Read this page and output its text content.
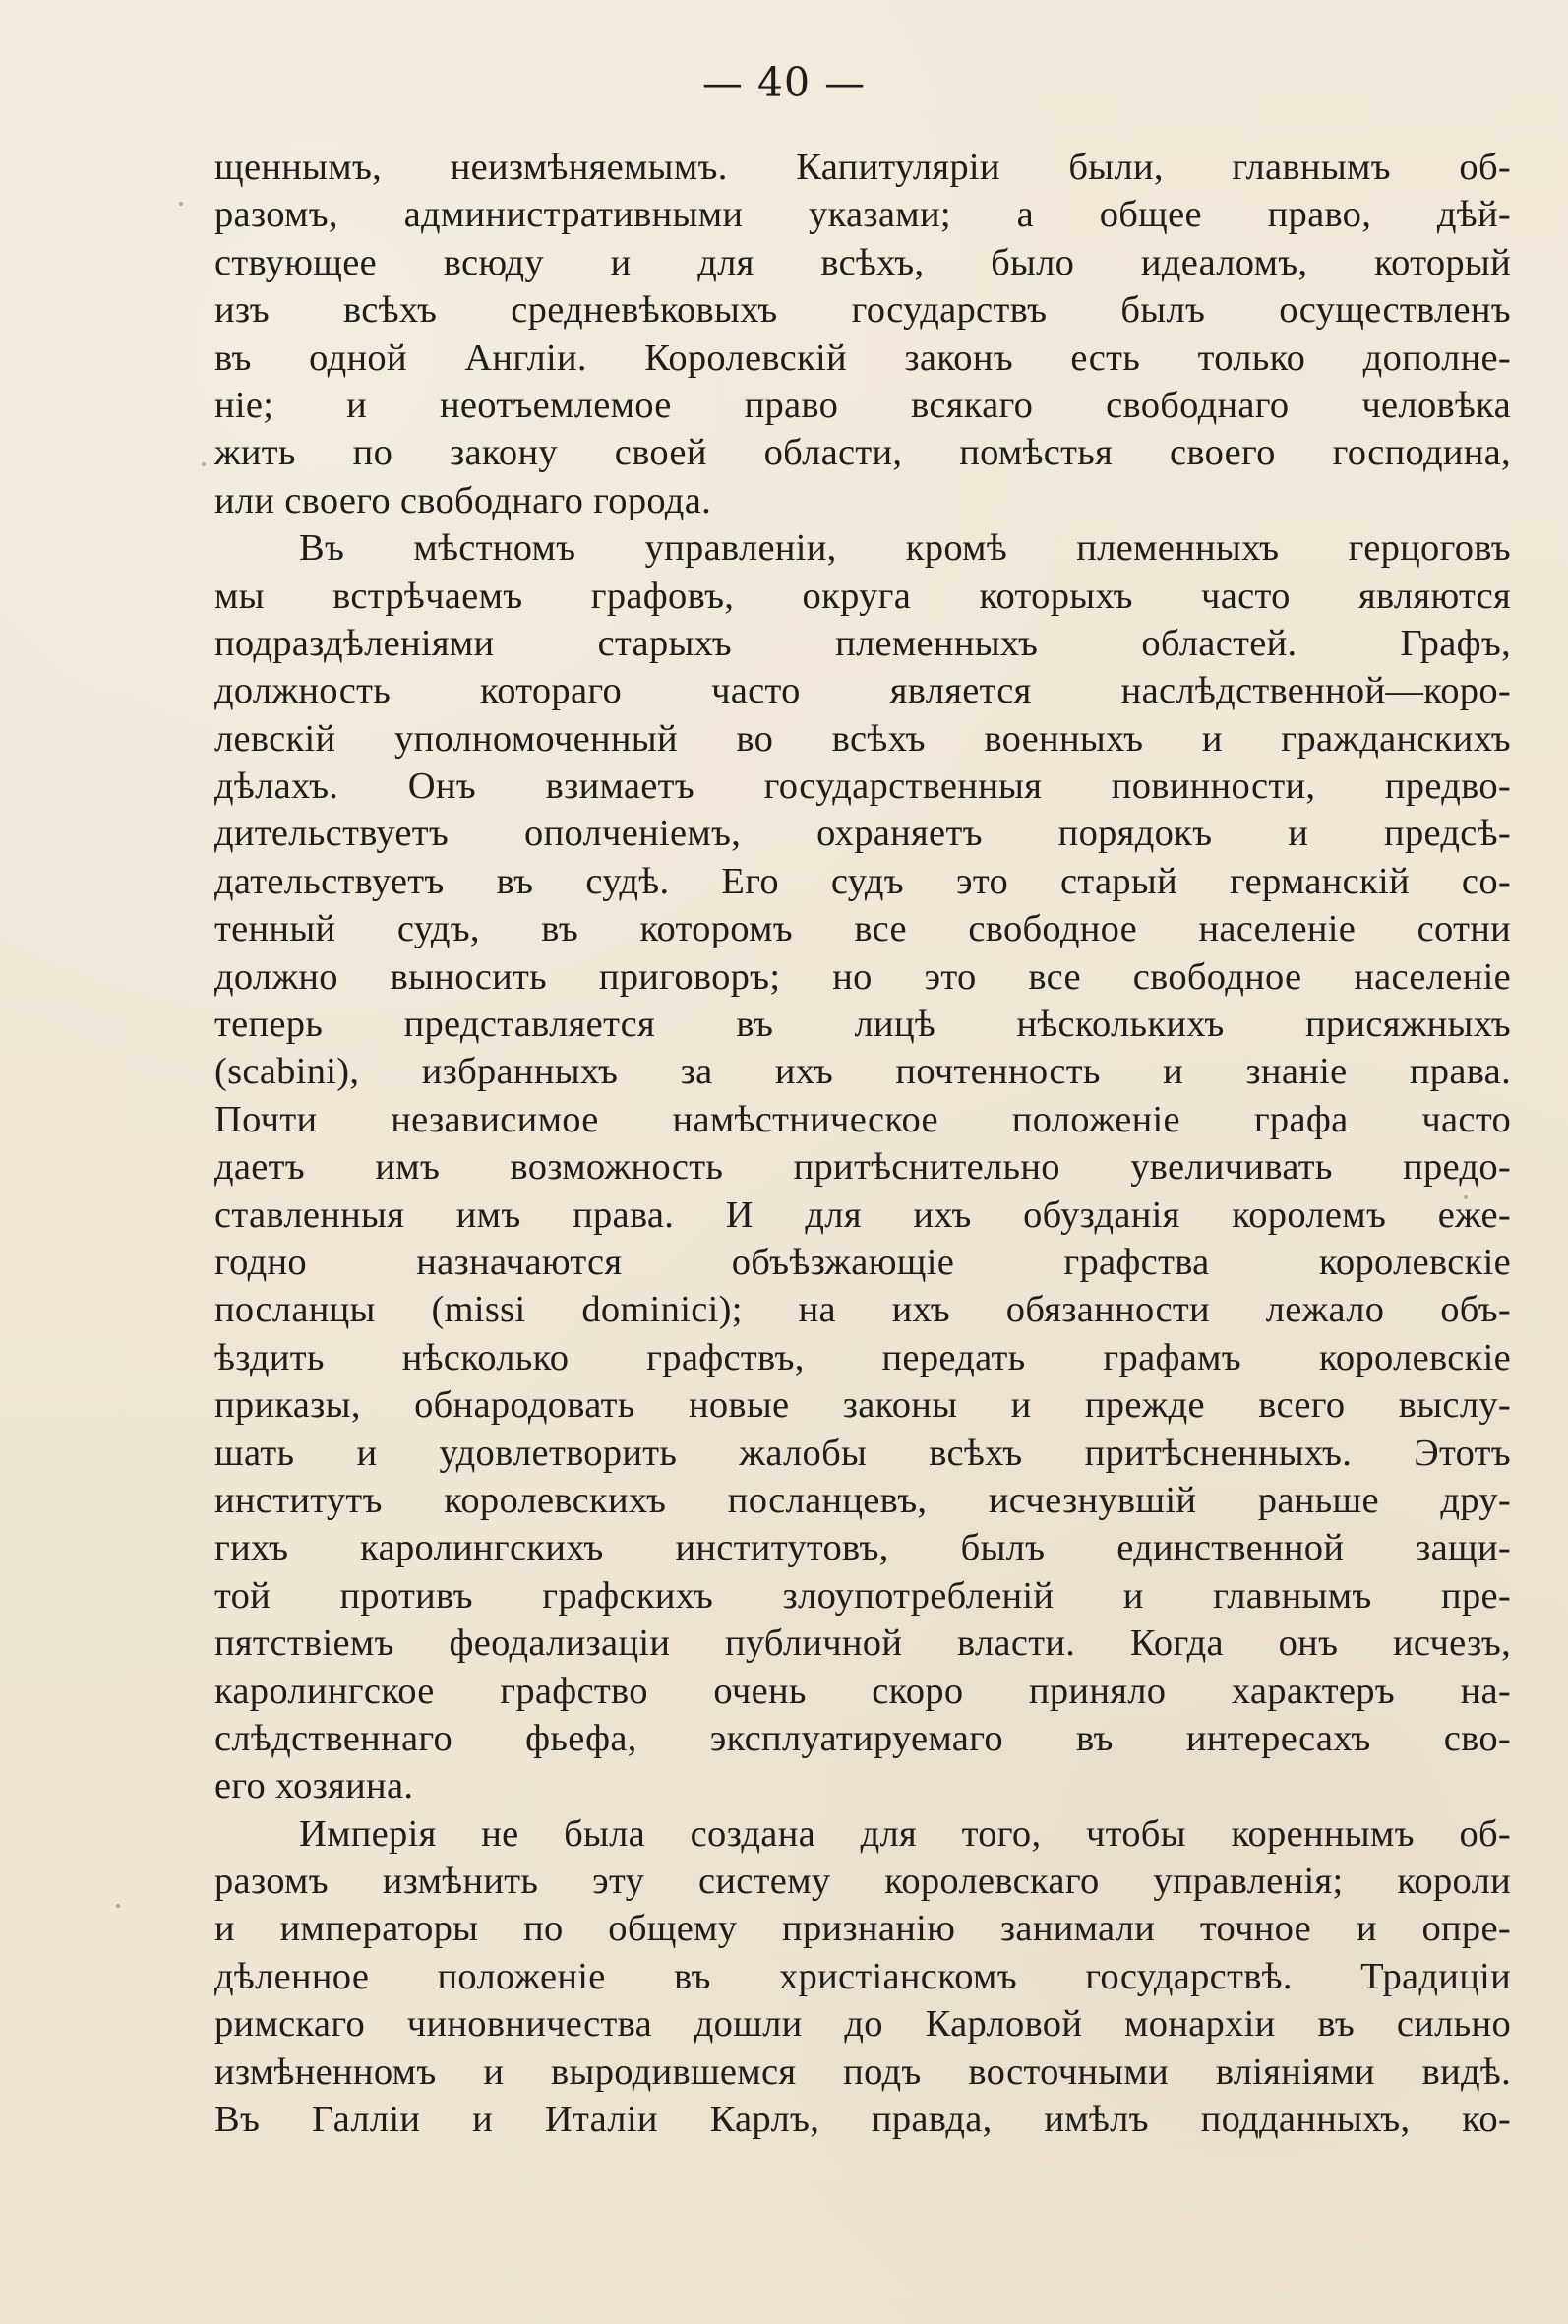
— 40 —
щеннымъ, неизмѣняемымъ. Капитуляріи были, главнымъ об-
разомъ, административными указами; а общее право, дѣй-
ствующее всюду и для всѣхъ, было идеаломъ, который
изъ всѣхъ средневѣковыхъ государствъ былъ осуществленъ
въ одной Англіи. Королевскій законъ есть только дополне-
ніе; и неотъемлемое право всякаго свободнаго человѣка
жить по закону своей области, помѣстья своего господина,
или своего свободнаго города.
Въ мѣстномъ управленіи, кромѣ племенныхъ герцоговъ
мы встрѣчаемъ графовъ, округа которыхъ часто являются
подраздѣленіями старыхъ племенныхъ областей. Графъ,
должность котораго часто является наслѣдственной—коро-
левскій уполномоченный во всѣхъ военныхъ и гражданскихъ
дѣлахъ. Онъ взимаетъ государственныя повинности, предво-
дительствуетъ ополченіемъ, охраняетъ порядокъ и предсѣ-
дательствуетъ въ судѣ. Его судъ это старый германскій со-
тенный судъ, въ которомъ все свободное населеніе сотни
должно выносить приговоръ; но это все свободное населеніе
теперь представляется въ лицѣ нѣсколькихъ присяжныхъ
(scabini), избранныхъ за ихъ почтенность и знаніе права.
Почти независимое намѣстническое положеніе графа часто
даетъ имъ возможность притѣснительно увеличивать предо-
ставленныя имъ права. И для ихъ обузданія королемъ еже-
годно назначаются объѣзжающіе графства королевскіе
посланцы (missi dominici); на ихъ обязанности лежало объ-
ѣздить нѣсколько графствъ, передать графамъ королевскіе
приказы, обнародовать новые законы и прежде всего выслу-
шать и удовлетворить жалобы всѣхъ притѣсненныхъ. Этотъ
институтъ королевскихъ посланцевъ, исчезнувшій раньше дру-
гихъ каролингскихъ институтовъ, былъ единственной защи-
той противъ графскихъ злоупотребленій и главнымъ пре-
пятствіемъ феодализаціи публичной власти. Когда онъ исчезъ,
каролингское графство очень скоро приняло характеръ на-
слѣдственнаго фьефа, эксплуатируемаго въ интересахъ сво-
его хозяина.
Имперія не была создана для того, чтобы кореннымъ об-
разомъ измѣнить эту систему королевскаго управленія; короли
и императоры по общему признанію занимали точное и опре-
дѣленное положеніе въ христіанскомъ государствѣ. Традиціи
римскаго чиновничества дошли до Карловой монархіи въ сильно
измѣненномъ и выродившемся подъ восточными вліяніями видѣ.
Въ Галліи и Италіи Карлъ, правда, имѣлъ подданныхъ, ко-
